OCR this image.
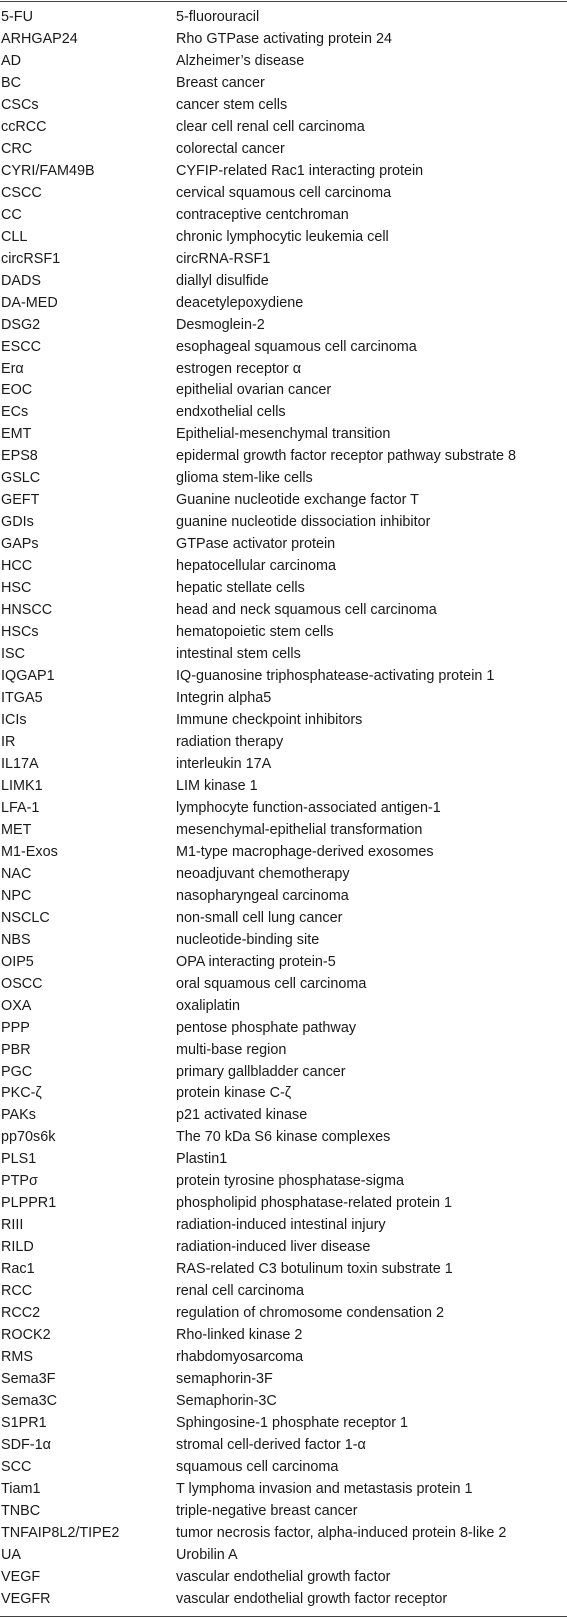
5-FU	5-fluorouracil
ARHGAP24	Rho GTPase activating protein 24
AD	Alzheimer’s disease
BC	Breast cancer
CSCs	cancer stem cells
ccRCC	clear cell renal cell carcinoma
CRC	colorectal cancer
CYRI/FAM49B	CYFIP-related Rac1 interacting protein
CSCC	cervical squamous cell carcinoma
CC	contraceptive centchroman
CLL	chronic lymphocytic leukemia cell
circRSF1	circRNA-RSF1
DADS	diallyl disulfide
DA-MED	deacetylepoxydiene
DSG2	Desmoglein-2
ESCC	esophageal squamous cell carcinoma
Erα	estrogen receptor α
EOC	epithelial ovarian cancer
ECs	endxothelial cells
EMT	Epithelial-mesenchymal transition
EPS8	epidermal growth factor receptor pathway substrate 8
GSLC	glioma stem-like cells
GEFT	Guanine nucleotide exchange factor T
GDIs	guanine nucleotide dissociation inhibitor
GAPs	GTPase activator protein
HCC	hepatocellular carcinoma
HSC	hepatic stellate cells
HNSCC	head and neck squamous cell carcinoma
HSCs	hematopoietic stem cells
ISC	intestinal stem cells
IQGAP1	IQ-guanosine triphosphatease-activating protein 1
ITGA5	Integrin alpha5
ICIs	Immune checkpoint inhibitors
IR	radiation therapy
IL17A	interleukin 17A
LIMK1	LIM kinase 1
LFA-1	lymphocyte function-associated antigen-1
MET	mesenchymal-epithelial transformation
M1-Exos	M1-type macrophage-derived exosomes
NAC	neoadjuvant chemotherapy
NPC	nasopharyngeal carcinoma
NSCLC	non-small cell lung cancer
NBS	nucleotide-binding site
OIP5	OPA interacting protein-5
OSCC	oral squamous cell carcinoma
OXA	oxaliplatin
PPP	pentose phosphate pathway
PBR	multi-base region
PGC	primary gallbladder cancer
PKC-ζ	protein kinase C-ζ
PAKs	p21 activated kinase
pp70s6k	The 70 kDa S6 kinase complexes
PLS1	Plastin1
PTPσ	protein tyrosine phosphatase-sigma
PLPPR1	phospholipid phosphatase-related protein 1
RIII	radiation-induced intestinal injury
RILD	radiation-induced liver disease
Rac1	RAS-related C3 botulinum toxin substrate 1
RCC	renal cell carcinoma
RCC2	regulation of chromosome condensation 2
ROCK2	Rho-linked kinase 2
RMS	rhabdomyosarcoma
Sema3F	semaphorin-3F
Sema3C	Semaphorin-3C
S1PR1	Sphingosine-1 phosphate receptor 1
SDF-1α	stromal cell-derived factor 1-α
SCC	squamous cell carcinoma
Tiam1	T lymphoma invasion and metastasis protein 1
TNBC	triple-negative breast cancer
TNFAIP8L2/TIPE2	tumor necrosis factor, alpha-induced protein 8-like 2
UA	Urobilin A
VEGF	vascular endothelial growth factor
VEGFR	vascular endothelial growth factor receptor
